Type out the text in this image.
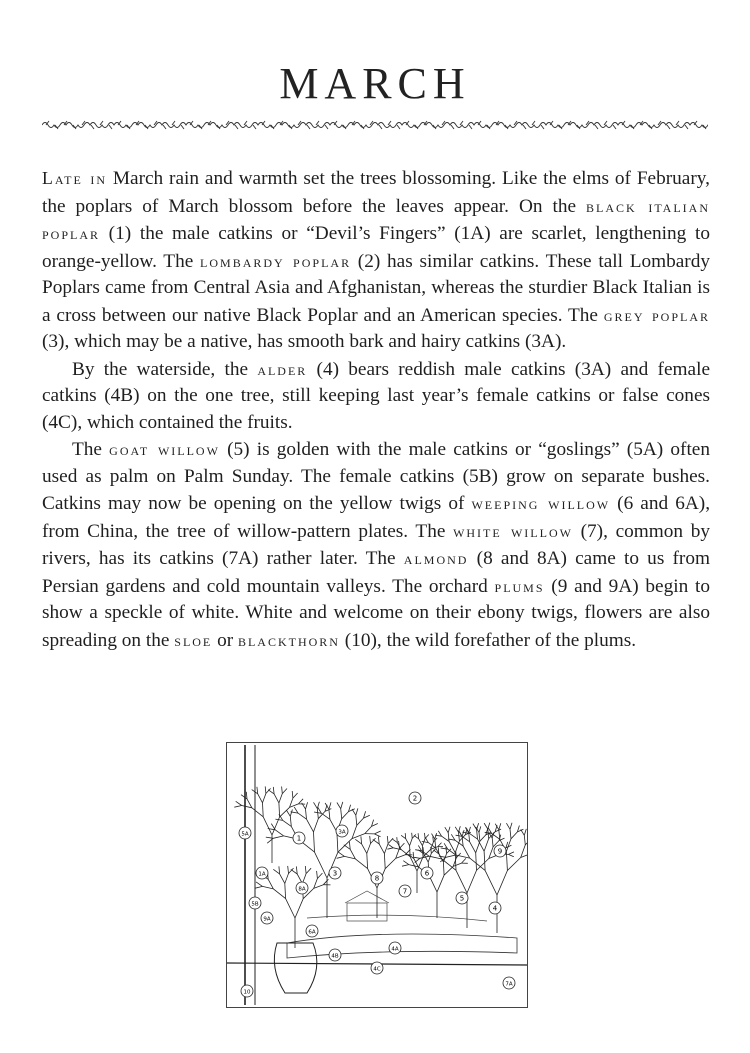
MARCH

Late in March rain and warmth set the trees blossoming. Like the elms of February, the poplars of March blossom before the leaves appear. On the black italian poplar (1) the male catkins or “Devil’s Fingers” (1A) are scarlet, lengthening to orange-yellow. The lombardy poplar (2) has similar catkins. These tall Lombardy Poplars came from Central Asia and Afghanistan, whereas the sturdier Black Italian is a cross between our native Black Poplar and an American species. The grey poplar (3), which may be a native, has smooth bark and hairy catkins (3A).

By the waterside, the alder (4) bears reddish male catkins (3A) and female catkins (4B) on the one tree, still keeping last year’s female catkins or false cones (4C), which contained the fruits.

The goat willow (5) is golden with the male catkins or “goslings” (5A) often used as palm on Palm Sunday. The female catkins (5B) grow on separate bushes. Catkins may now be opening on the yellow twigs of weeping willow (6 and 6A), from China, the tree of willow-pattern plates. The white willow (7), common by rivers, has its catkins (7A) rather later. The almond (8 and 8A) came to us from Persian gardens and cold mountain valleys. The orchard plums (9 and 9A) begin to show a speckle of white. White and welcome on their ebony twigs, flowers are also spreading on the sloe or blackthorn (10), the wild forefather of the plums.

1
1A
2
3
3A
4
4A
4B
4C
5
5A
5B
6
6A
7
7A
8
8A
9
9A
10
